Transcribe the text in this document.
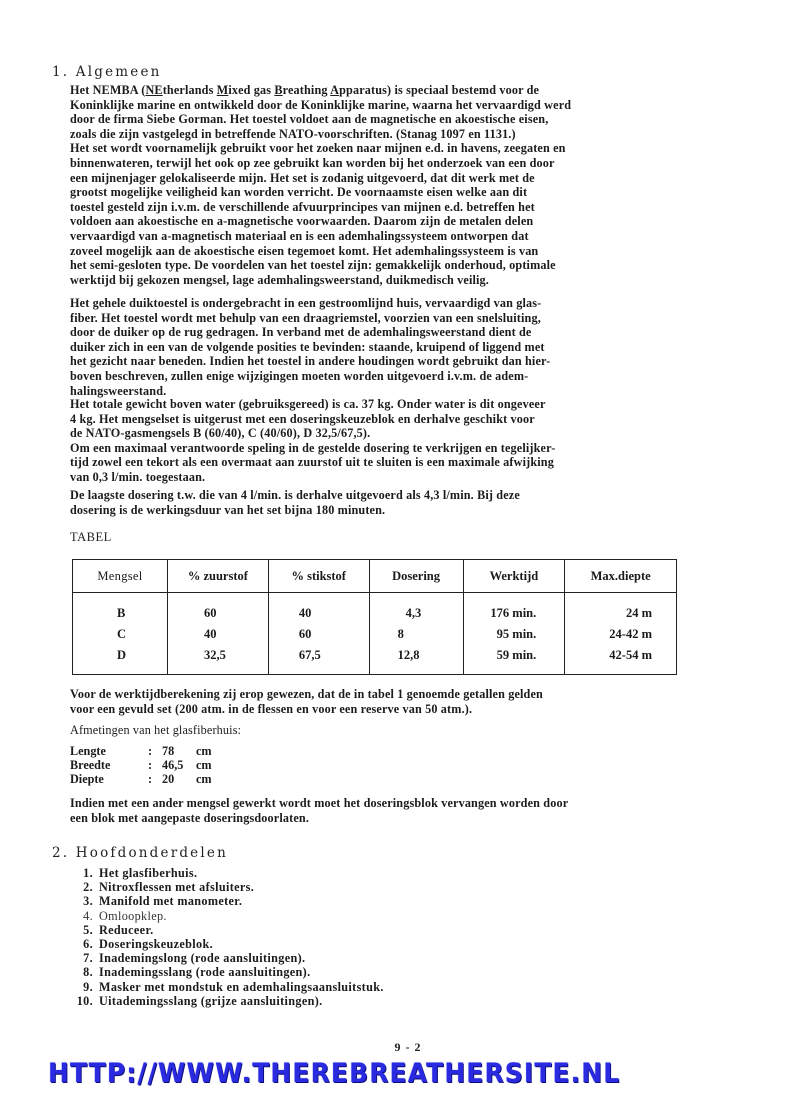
1. Algemeen
Het NEMBA (NEtherlands Mixed gas Breathing Apparatus) is speciaal bestemd voor de
Koninklijke marine en ontwikkeld door de Koninklijke marine, waarna het vervaardigd werd
door de firma Siebe Gorman. Het toestel voldoet aan de magnetische en akoestische eisen,
zoals die zijn vastgelegd in betreffende NATO-voorschriften. (Stanag 1097 en 1131.)
Het set wordt voornamelijk gebruikt voor het zoeken naar mijnen e.d. in havens, zeegaten en
binnenwateren, terwijl het ook op zee gebruikt kan worden bij het onderzoek van een door
een mijnenjager gelokaliseerde mijn. Het set is zodanig uitgevoerd, dat dit werk met de
grootst mogelijke veiligheid kan worden verricht. De voornaamste eisen welke aan dit
toestel gesteld zijn i.v.m. de verschillende afvuurprincipes van mijnen e.d. betreffen het
voldoen aan akoestische en a-magnetische voorwaarden. Daarom zijn de metalen delen
vervaardigd van a-magnetisch materiaal en is een ademhalingssysteem ontworpen dat
zoveel mogelijk aan de akoestische eisen tegemoet komt. Het ademhalingssysteem is van
het semi-gesloten type. De voordelen van het toestel zijn: gemakkelijk onderhoud, optimale
werktijd bij gekozen mengsel, lage ademhalingsweerstand, duikmedisch veilig.
Het gehele duiktoestel is ondergebracht in een gestroomlijnd huis, vervaardigd van glas-
fiber. Het toestel wordt met behulp van een draagriemstel, voorzien van een snelsluiting,
door de duiker op de rug gedragen. In verband met de ademhalingsweerstand dient de
duiker zich in een van de volgende posities te bevinden: staande, kruipend of liggend met
het gezicht naar beneden. Indien het toestel in andere houdingen wordt gebruikt dan hier-
boven beschreven, zullen enige wijzigingen moeten worden uitgevoerd i.v.m. de adem-
halingsweerstand.
Het totale gewicht boven water (gebruiksgereed) is ca. 37 kg. Onder water is dit ongeveer
4 kg. Het mengselset is uitgerust met een doseringskeuzeblok en derhalve geschikt voor
de NATO-gasmengsels B (60/40), C (40/60), D 32,5/67,5).
Om een maximaal verantwoorde speling in de gestelde dosering te verkrijgen en tegelijker-
tijd zowel een tekort als een overmaat aan zuurstof uit te sluiten is een maximale afwijking
van 0,3 l/min. toegestaan.
De laagste dosering t.w. die van 4 l/min. is derhalve uitgevoerd als 4,3 l/min. Bij deze
dosering is de werkingsduur van het set bijna 180 minuten.
TABEL
Mengsel	% zuurstof	% stikstof	Dosering	Werktijd	Max.diepte
B	60	40	4,3	176 min.	24 m
C	40	60	8	95 min.	24-42 m
D	32,5	67,5	12,8	59 min.	42-54 m
Voor de werktijdberekening zij erop gewezen, dat de in tabel 1 genoemde getallen gelden
voor een gevuld set (200 atm. in de flessen en voor een reserve van 50 atm.).
Afmetingen van het glasfiberhuis:
Lengte	: 78	cm
Breedte	: 46,5	cm
Diepte	: 20	cm
Indien met een ander mengsel gewerkt wordt moet het doseringsblok vervangen worden door
een blok met aangepaste doseringsdoorlaten.
2. Hoofdonderdelen
1. Het glasfiberhuis.
2. Nitroxflessen met afsluiters.
3. Manifold met manometer.
4. Omloopklep.
5. Reduceer.
6. Doseringskeuzeblok.
7. Inademingslong (rode aansluitingen).
8. Inademingsslang (rode aansluitingen).
9. Masker met mondstuk en ademhalingsaansluitstuk.
10. Uitademingsslang (grijze aansluitingen).
9 - 2
HTTP://WWW.THEREBREATHERSITE.NL
